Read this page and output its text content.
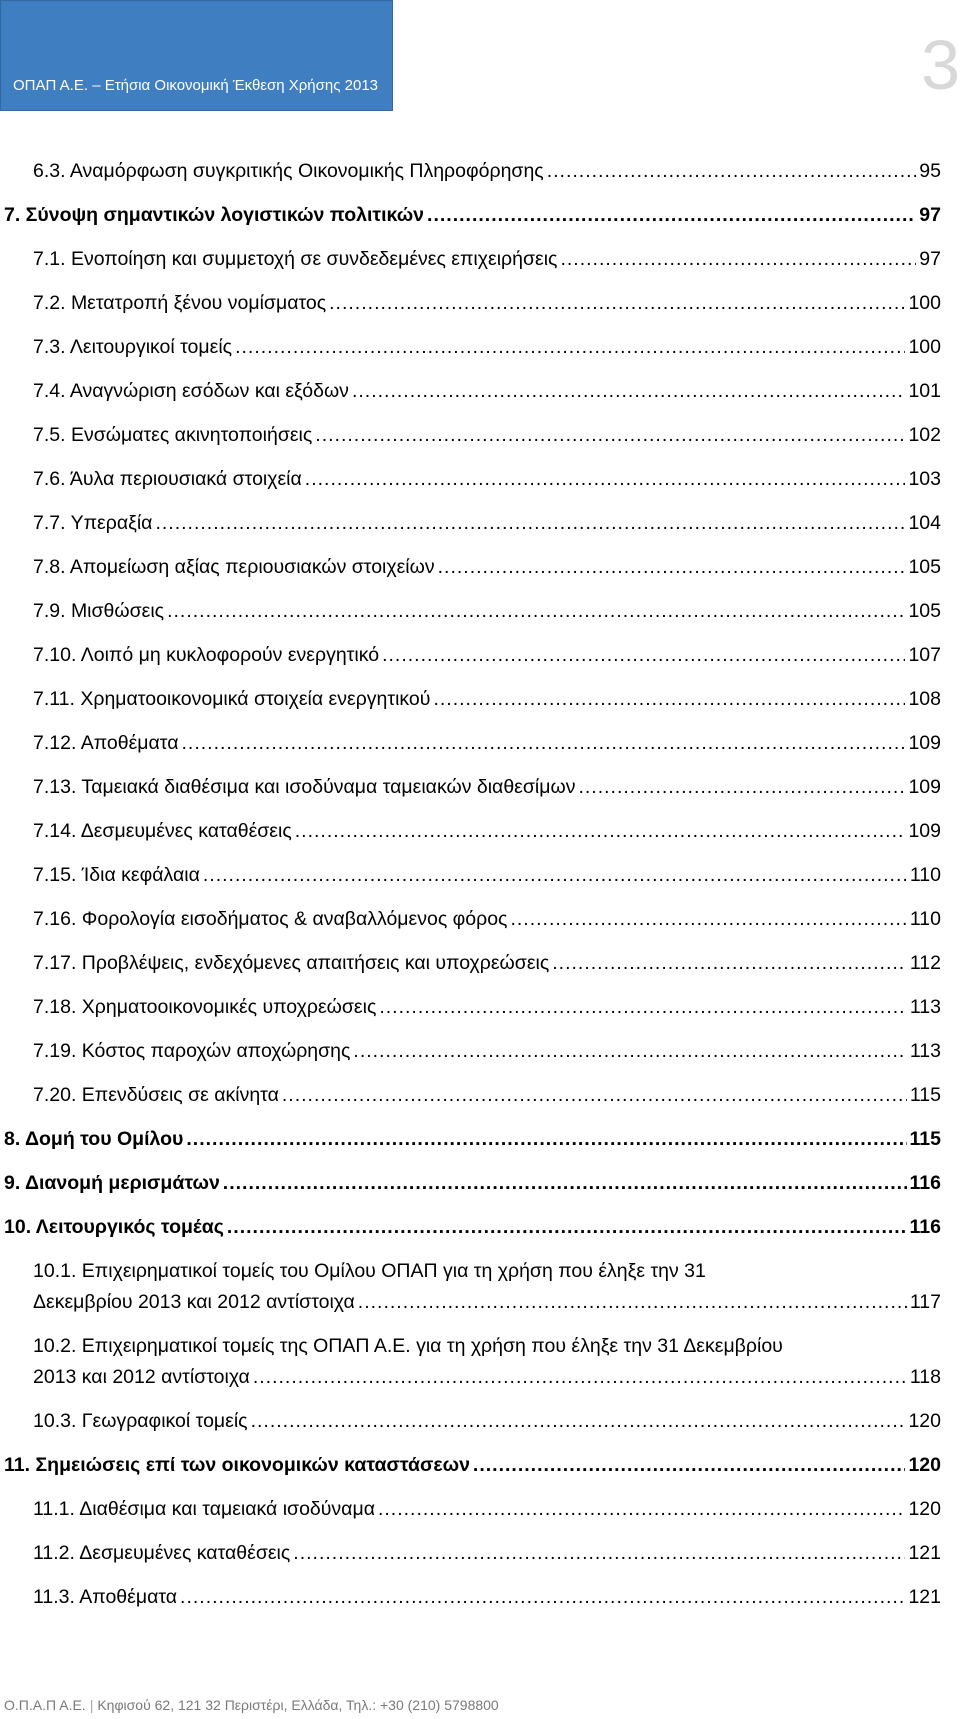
ΟΠΑΠ Α.Ε. – Ετήσια Οικονομική Έκθεση Χρήσης 2013	3
6.3. Αναμόρφωση συγκριτικής Οικονομικής Πληροφόρησης .....	95
7. Σύνοψη σημαντικών λογιστικών πολιτικών .....	97
7.1. Ενοποίηση και συμμετοχή σε συνδεδεμένες επιχειρήσεις .....	97
7.2. Μετατροπή ξένου νομίσματος .....	100
7.3. Λειτουργικοί τομείς .....	100
7.4. Αναγνώριση εσόδων και εξόδων .....	101
7.5. Ενσώματες ακινητοποιήσεις .....	102
7.6. Άυλα περιουσιακά στοιχεία .....	103
7.7. Υπεραξία .....	104
7.8. Απομείωση αξίας περιουσιακών στοιχείων .....	105
7.9. Μισθώσεις .....	105
7.10. Λοιπό μη κυκλοφορούν ενεργητικό .....	107
7.11. Χρηματοοικονομικά στοιχεία ενεργητικού .....	108
7.12. Αποθέματα .....	109
7.13. Ταμειακά διαθέσιμα και ισοδύναμα ταμειακών διαθεσίμων .....	109
7.14. Δεσμευμένες καταθέσεις .....	109
7.15. Ίδια κεφάλαια .....	110
7.16. Φορολογία εισοδήματος & αναβαλλόμενος φόρος .....	110
7.17. Προβλέψεις, ενδεχόμενες απαιτήσεις και υποχρεώσεις .....	112
7.18. Χρηματοοικονομικές υποχρεώσεις .....	113
7.19. Κόστος παροχών αποχώρησης .....	113
7.20. Επενδύσεις σε ακίνητα .....	115
8. Δομή του Ομίλου .....	115
9. Διανομή μερισμάτων .....	116
10. Λειτουργικός τομέας .....	116
10.1. Επιχειρηματικοί τομείς του Ομίλου ΟΠΑΠ για τη χρήση που έληξε την 31
Δεκεμβρίου 2013 και 2012 αντίστοιχα .....	117
10.2. Επιχειρηματικοί τομείς της ΟΠΑΠ Α.Ε. για τη χρήση που έληξε την 31 Δεκεμβρίου
2013 και 2012 αντίστοιχα .....	118
10.3. Γεωγραφικοί τομείς .....	120
11. Σημειώσεις επί των οικονομικών καταστάσεων .....	120
11.1. Διαθέσιμα και ταμειακά ισοδύναμα .....	120
11.2. Δεσμευμένες καταθέσεις .....	121
11.3. Αποθέματα .....	121
Ο.Π.Α.Π Α.Ε. | Κηφισού 62, 121 32 Περιστέρι, Ελλάδα, Τηλ.: +30 (210) 5798800
